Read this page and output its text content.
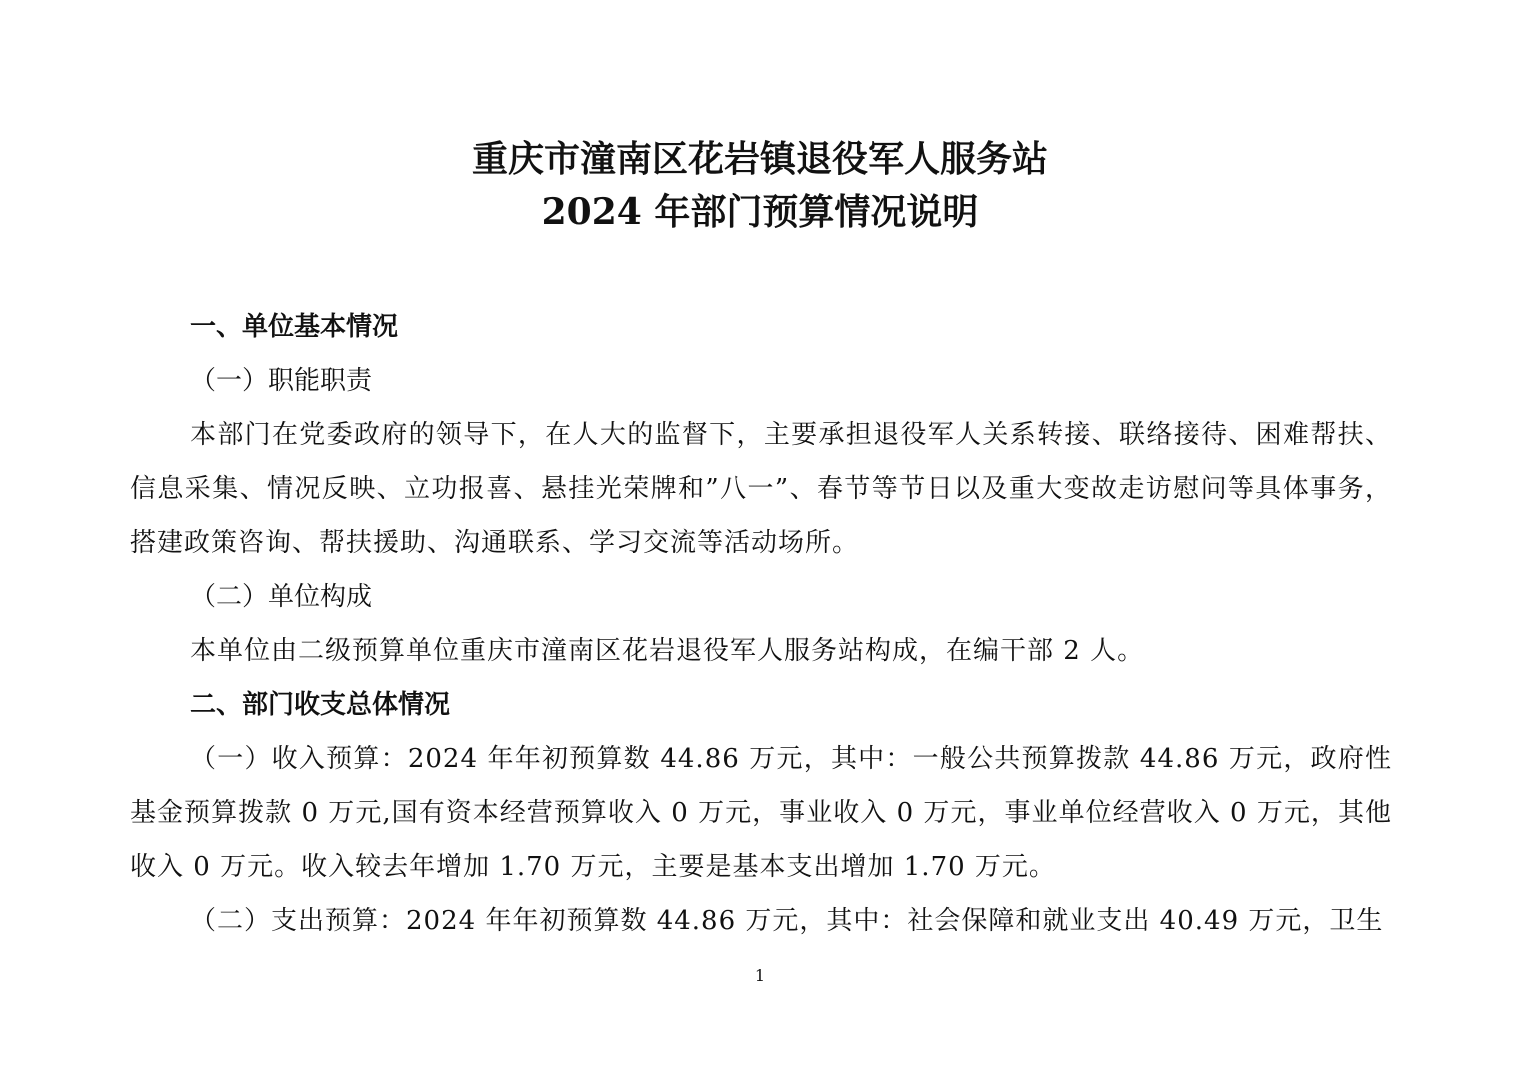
重庆市潼南区花岩镇退役军人服务站
2024 年部门预算情况说明
一、单位基本情况
（一）职能职责

本部门在党委政府的领导下，在人大的监督下，主要承担退役军人关系转接、联络接待、困难帮扶、信息采集、情况反映、立功报喜、悬挂光荣牌和”八一”、春节等节日以及重大变故走访慰问等具体事务，搭建政策咨询、帮扶援助、沟通联系、学习交流等活动场所。

（二）单位构成

本单位由二级预算单位重庆市潼南区花岩退役军人服务站构成，在编干部 2 人。

二、部门收支总体情况

（一）收入预算：2024 年年初预算数 44.86 万元，其中：一般公共预算拨款 44.86 万元，政府性基金预算拨款 0 万元,国有资本经营预算收入 0 万元，事业收入 0 万元，事业单位经营收入 0 万元，其他收入 0 万元。收入较去年增加 1.70 万元，主要是基本支出增加 1.70 万元。

（二）支出预算：2024 年年初预算数 44.86 万元，其中：社会保障和就业支出 40.49 万元，卫生

1
